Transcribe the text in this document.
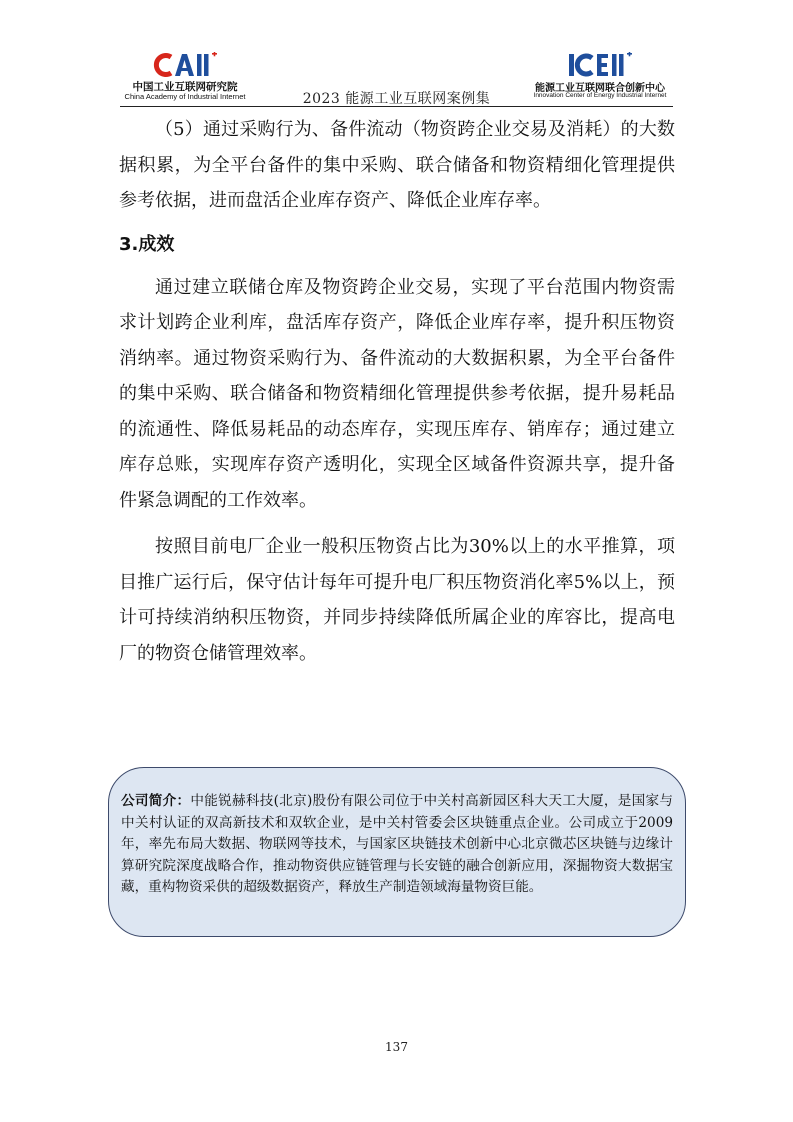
中国工业互联网研究院
China Academy of Industrial Internet	2023 能源工业互联网案例集
能源工业互联网联合创新中心
Innovation Center of Energy Industrial Internet

（5）通过采购行为、备件流动（物资跨企业交易及消耗）的大数据积累，为全平台备件的集中采购、联合储备和物资精细化管理提供参考依据，进而盘活企业库存资产、降低企业库存率。

3.成效

通过建立联储仓库及物资跨企业交易，实现了平台范围内物资需求计划跨企业利库，盘活库存资产，降低企业库存率，提升积压物资消纳率。通过物资采购行为、备件流动的大数据积累，为全平台备件的集中采购、联合储备和物资精细化管理提供参考依据，提升易耗品的流通性、降低易耗品的动态库存，实现压库存、销库存；通过建立库存总账，实现库存资产透明化，实现全区域备件资源共享，提升备件紧急调配的工作效率。

按照目前电厂企业一般积压物资占比为30%以上的水平推算，项目推广运行后，保守估计每年可提升电厂积压物资消化率5%以上，预计可持续消纳积压物资，并同步持续降低所属企业的库容比，提高电厂的物资仓储管理效率。

公司简介：中能锐赫科技(北京)股份有限公司位于中关村高新园区科大天工大厦，是国家与中关村认证的双高新技术和双软企业，是中关村管委会区块链重点企业。公司成立于2009年，率先布局大数据、物联网等技术，与国家区块链技术创新中心北京微芯区块链与边缘计算研究院深度战略合作，推动物资供应链管理与长安链的融合创新应用，深掘物资大数据宝藏，重构物资采供的超级数据资产，释放生产制造领域海量物资巨能。

137
